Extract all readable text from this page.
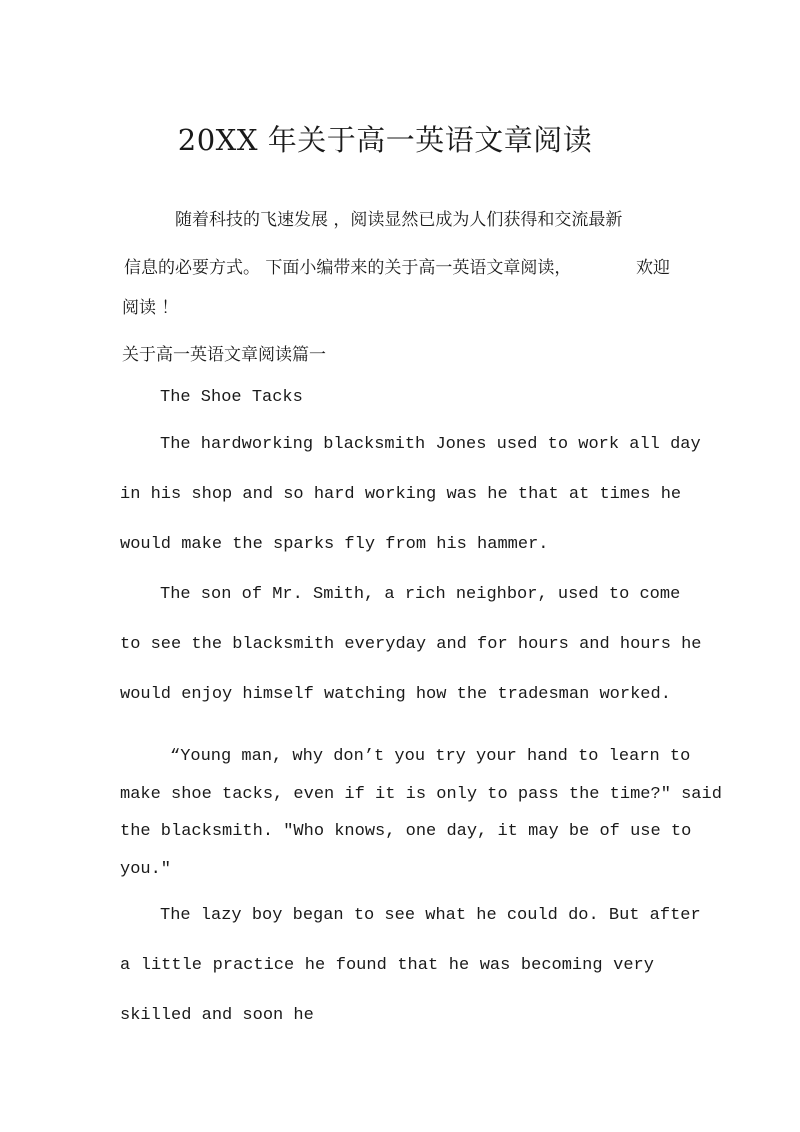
20XX 年关于高一英语文章阅读
随着科技的飞速发展 ，阅读显然已成为人们获得和交流最新
信息的必要方式。 下面小编带来的关于高一英语文章阅读，	欢迎
阅读 ！
关于高一英语文章阅读篇一
The Shoe Tacks
The hardworking blacksmith Jones used to work all day
in his shop and so hard working was he that at times he
would make the sparks fly from his hammer.
The son of Mr. Smith, a rich neighbor, used to come
to see the blacksmith everyday and for hours and hours he
would enjoy himself watching how the tradesman worked.
“Young man, why don’t you try your hand to learn to
make shoe tacks, even if it is only to pass the time?″ said
the blacksmith. ″Who knows, one day, it may be of use to
you.″
The lazy boy began to see what he could do. But after
a little practice he found that he was becoming very
skilled and soon he
